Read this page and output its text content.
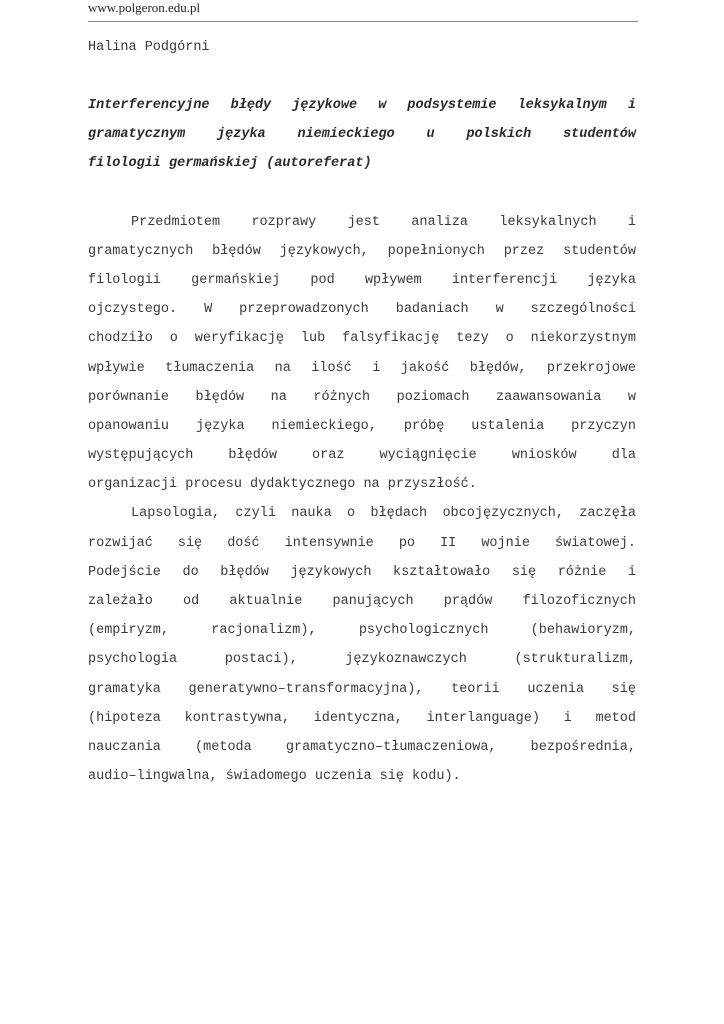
www.polgeron.edu.pl
Halina Podgórni
Interferencyjne błędy językowe w podsystemie leksykalnym i
gramatycznym języka niemieckiego u polskich studentów
filologii germańskiej (autoreferat)
Przedmiotem rozprawy jest analiza leksykalnych i
gramatycznych błędów językowych, popełnionych przez studentów
filologii germańskiej pod wpływem interferencji języka
ojczystego. W przeprowadzonych badaniach w szczególności
chodziło o weryfikację lub falsyfikację tezy o niekorzystnym
wpływie tłumaczenia na ilość i jakość błędów, przekrojowe
porównanie błędów na różnych poziomach zaawansowania w
opanowaniu języka niemieckiego, próbę ustalenia przyczyn
występujących błędów oraz wyciągnięcie wniosków dla
organizacji procesu dydaktycznego na przyszłość.
Lapsologia, czyli nauka o błędach obcojęzycznych, zaczęła
rozwijać się dość intensywnie po II wojnie światowej.
Podejście do błędów językowych kształtowało się różnie i
zależało od aktualnie panujących prądów filozoficznych
(empiryzm, racjonalizm), psychologicznych (behawioryzm,
psychologia postaci), językoznawczych (strukturalizm,
gramatyka generatywno–transformacyjna), teorii uczenia się
(hipoteza kontrastywna, identyczna, interlanguage) i metod
nauczania (metoda gramatyczno–tłumaczeniowa, bezpośrednia,
audio–lingwalna, świadomego uczenia się kodu).
